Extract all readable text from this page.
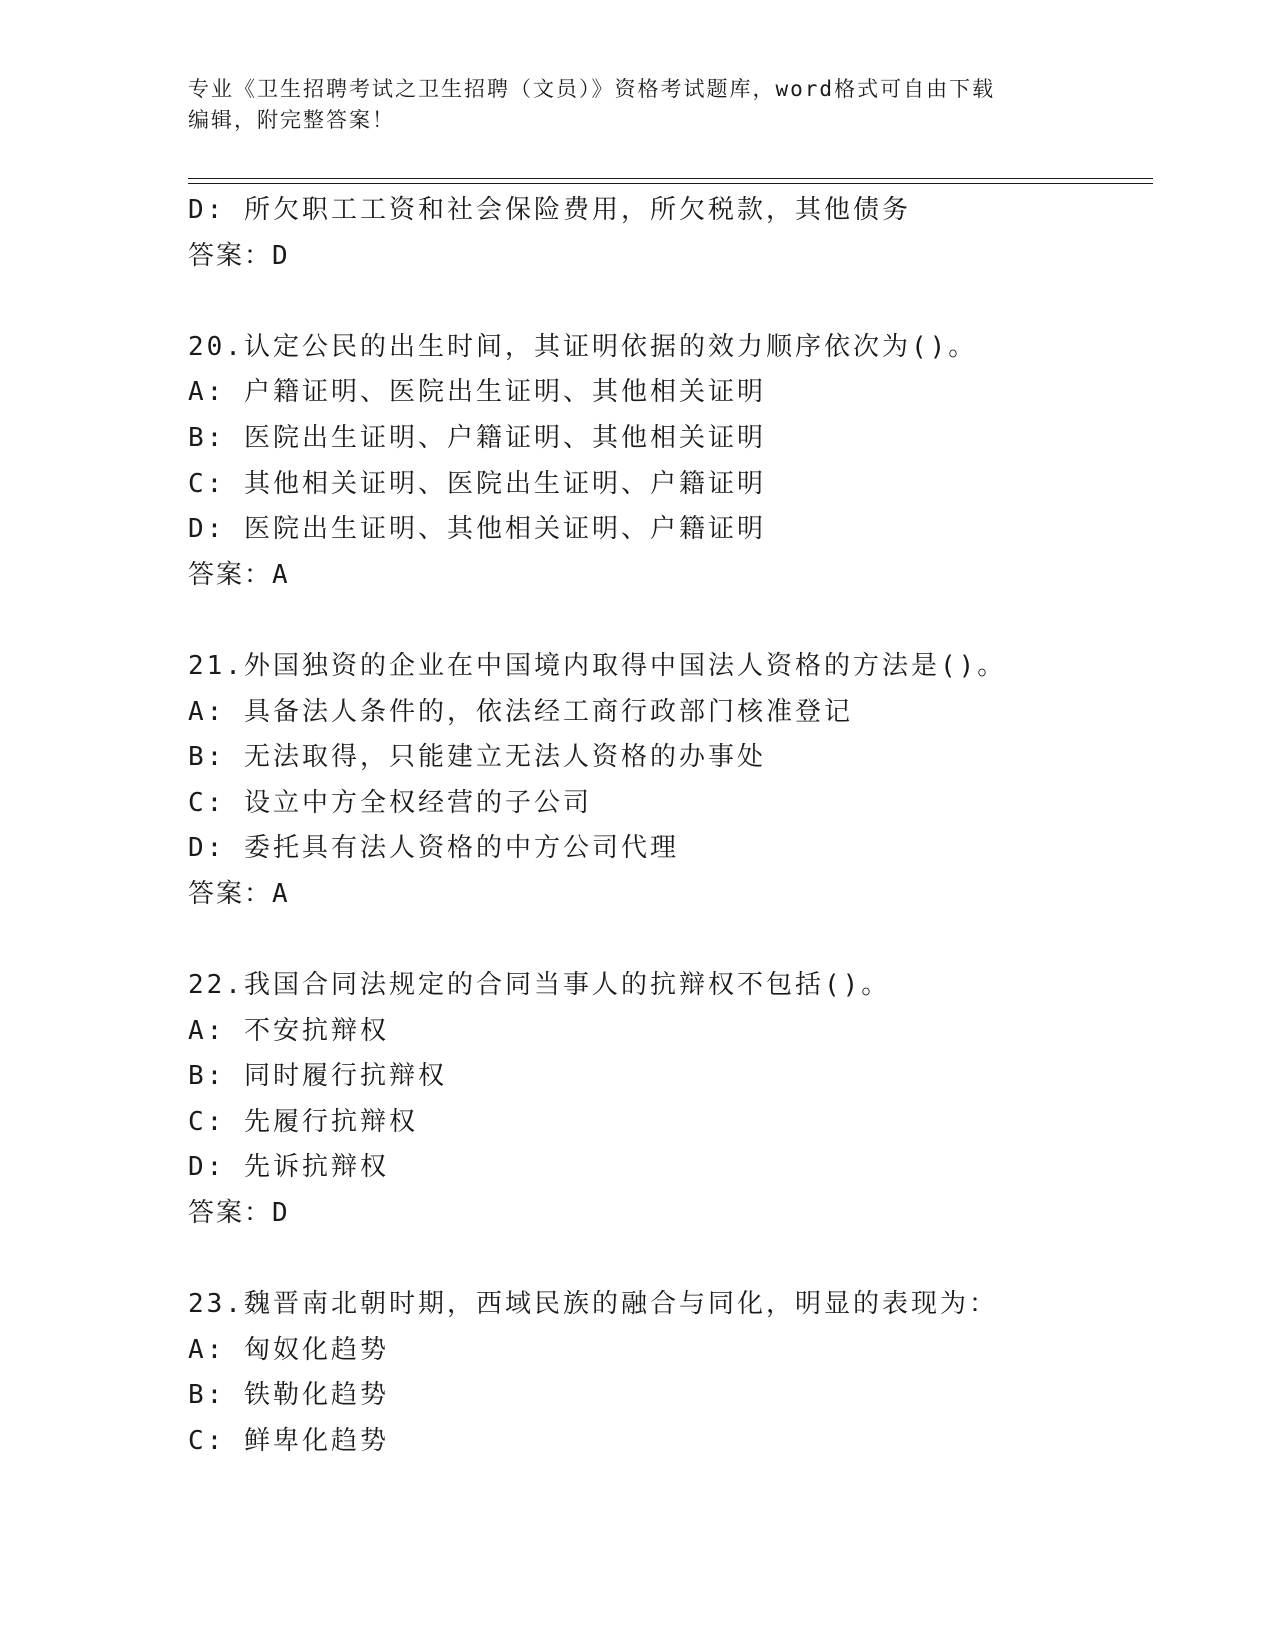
专业《卫生招聘考试之卫生招聘（文员）》资格考试题库，word格式可自由下载
编辑，附完整答案！
D: 所欠职工工资和社会保险费用，所欠税款，其他债务
答案：D
20.认定公民的出生时间，其证明依据的效力顺序依次为()。
A: 户籍证明、医院出生证明、其他相关证明
B: 医院出生证明、户籍证明、其他相关证明
C: 其他相关证明、医院出生证明、户籍证明
D: 医院出生证明、其他相关证明、户籍证明
答案：A
21.外国独资的企业在中国境内取得中国法人资格的方法是()。
A: 具备法人条件的，依法经工商行政部门核准登记
B: 无法取得，只能建立无法人资格的办事处
C: 设立中方全权经营的子公司
D: 委托具有法人资格的中方公司代理
答案：A
22.我国合同法规定的合同当事人的抗辩权不包括()。
A: 不安抗辩权
B: 同时履行抗辩权
C: 先履行抗辩权
D: 先诉抗辩权
答案：D
23.魏晋南北朝时期，西域民族的融合与同化，明显的表现为：
A: 匈奴化趋势
B: 铁勒化趋势
C: 鲜卑化趋势
